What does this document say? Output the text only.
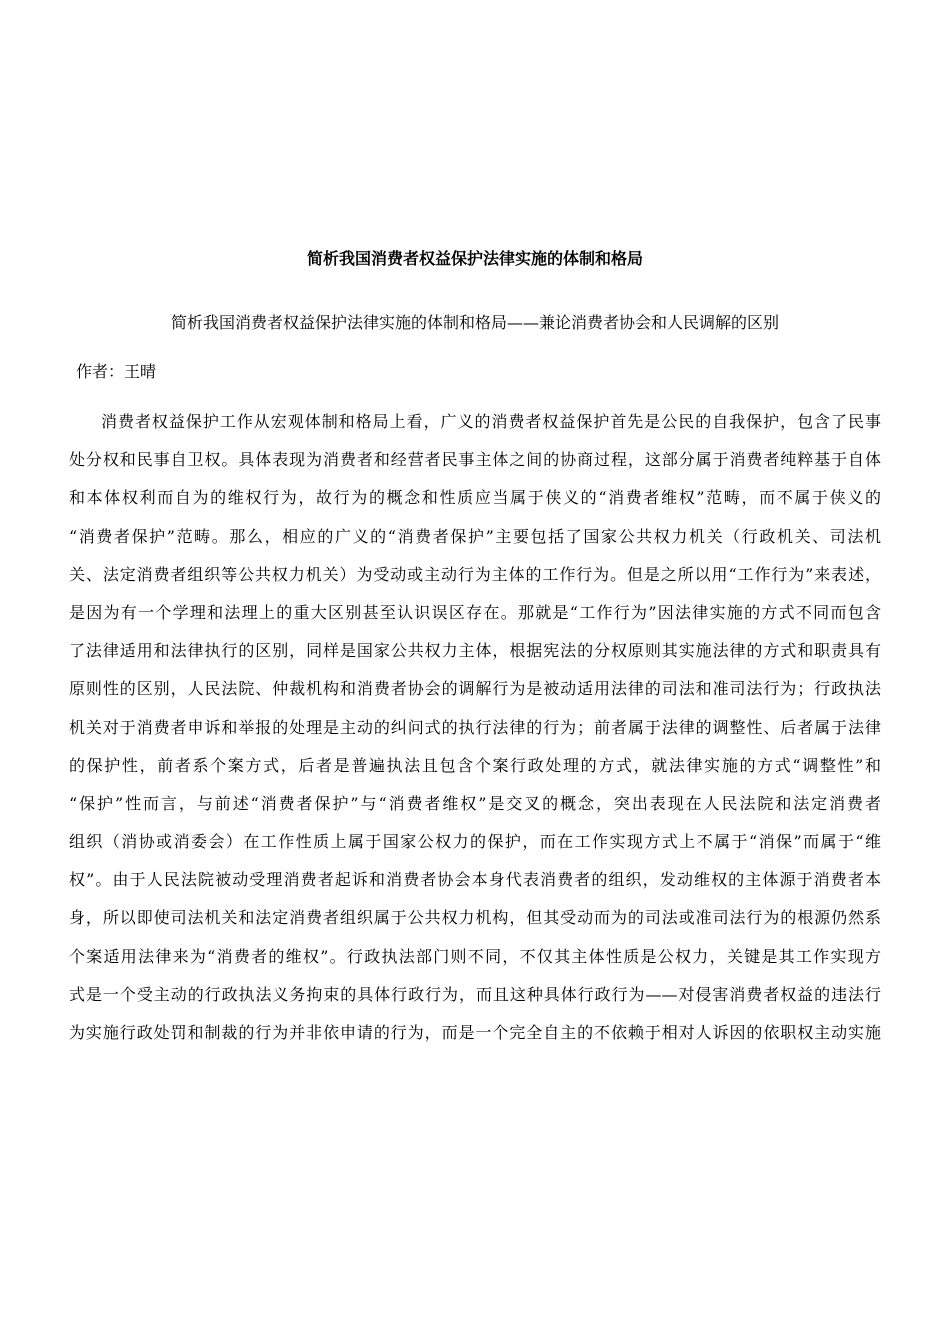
简析我国消费者权益保护法律实施的体制和格局
简析我国消费者权益保护法律实施的体制和格局——兼论消费者协会和人民调解的区别
作者：王晴
消费者权益保护工作从宏观体制和格局上看，广义的消费者权益保护首先是公民的自我保护，包含了民事
处分权和民事自卫权。具体表现为消费者和经营者民事主体之间的协商过程，这部分属于消费者纯粹基于自体
和本体权利而自为的维权行为，故行为的概念和性质应当属于侠义的“消费者维权”范畴，而不属于侠义的
“消费者保护”范畴。那么，相应的广义的“消费者保护”主要包括了国家公共权力机关（行政机关、司法机
关、法定消费者组织等公共权力机关）为受动或主动行为主体的工作行为。但是之所以用“工作行为”来表述，
是因为有一个学理和法理上的重大区别甚至认识误区存在。那就是“工作行为”因法律实施的方式不同而包含
了法律适用和法律执行的区别，同样是国家公共权力主体，根据宪法的分权原则其实施法律的方式和职责具有
原则性的区别，人民法院、仲裁机构和消费者协会的调解行为是被动适用法律的司法和准司法行为；行政执法
机关对于消费者申诉和举报的处理是主动的纠问式的执行法律的行为；前者属于法律的调整性、后者属于法律
的保护性，前者系个案方式，后者是普遍执法且包含个案行政处理的方式，就法律实施的方式“调整性”和
“保护”性而言，与前述“消费者保护”与“消费者维权”是交叉的概念，突出表现在人民法院和法定消费者
组织（消协或消委会）在工作性质上属于国家公权力的保护，而在工作实现方式上不属于“消保”而属于“维
权”。由于人民法院被动受理消费者起诉和消费者协会本身代表消费者的组织，发动维权的主体源于消费者本
身，所以即使司法机关和法定消费者组织属于公共权力机构，但其受动而为的司法或准司法行为的根源仍然系
个案适用法律来为“消费者的维权”。行政执法部门则不同，不仅其主体性质是公权力，关键是其工作实现方
式是一个受主动的行政执法义务拘束的具体行政行为，而且这种具体行政行为——对侵害消费者权益的违法行
为实施行政处罚和制裁的行为并非依申请的行为，而是一个完全自主的不依赖于相对人诉因的依职权主动实施
